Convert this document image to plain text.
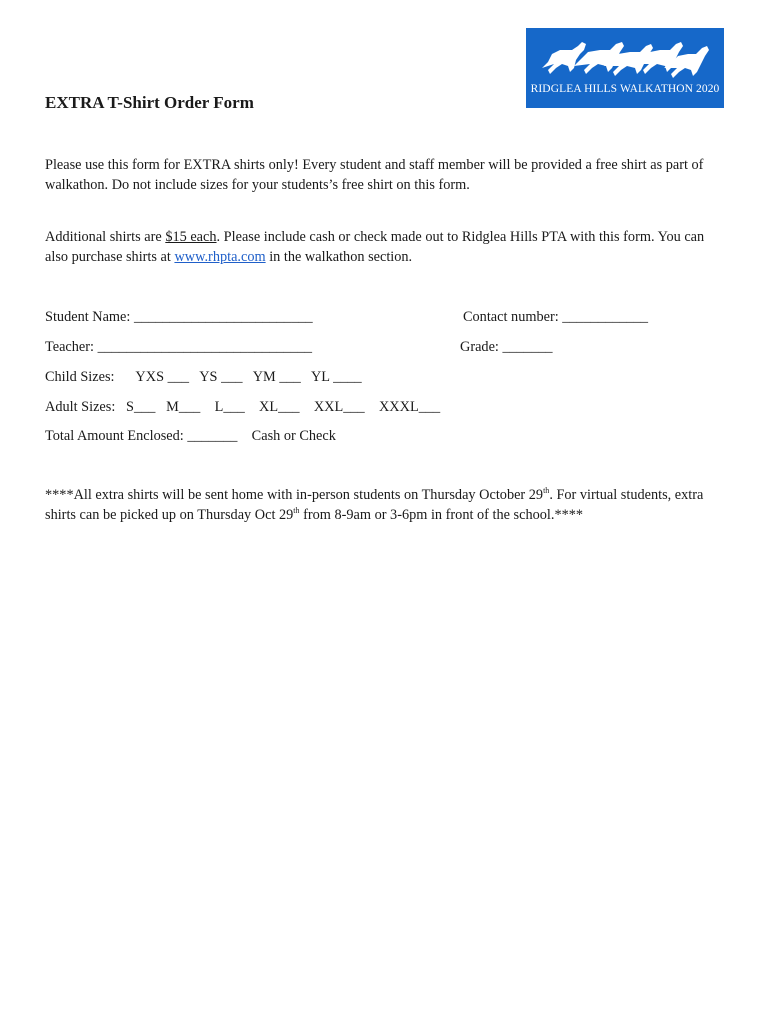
RIDGLEA HILLS WALKATHON 2020
EXTRA T-Shirt Order Form
Please use this form for EXTRA shirts only! Every student and staff member will be provided a free shirt as part of walkathon. Do not include sizes for your students’s free shirt on this form.
Additional shirts are $15 each. Please include cash or check made out to Ridglea Hills PTA with this form. You can also purchase shirts at www.rhpta.com in the walkathon section.
Student Name: _________________________	Contact number: ____________
Teacher: ______________________________	Grade: _______
Child Sizes:      YXS ___   YS ___   YM ___   YL ____
Adult Sizes:   S___   M___    L___    XL___    XXL___    XXXL___
Total Amount Enclosed: _______    Cash or Check
****All extra shirts will be sent home with in-person students on Thursday October 29th. For virtual students, extra shirts can be picked up on Thursday Oct 29th from 8-9am or 3-6pm in front of the school.****
